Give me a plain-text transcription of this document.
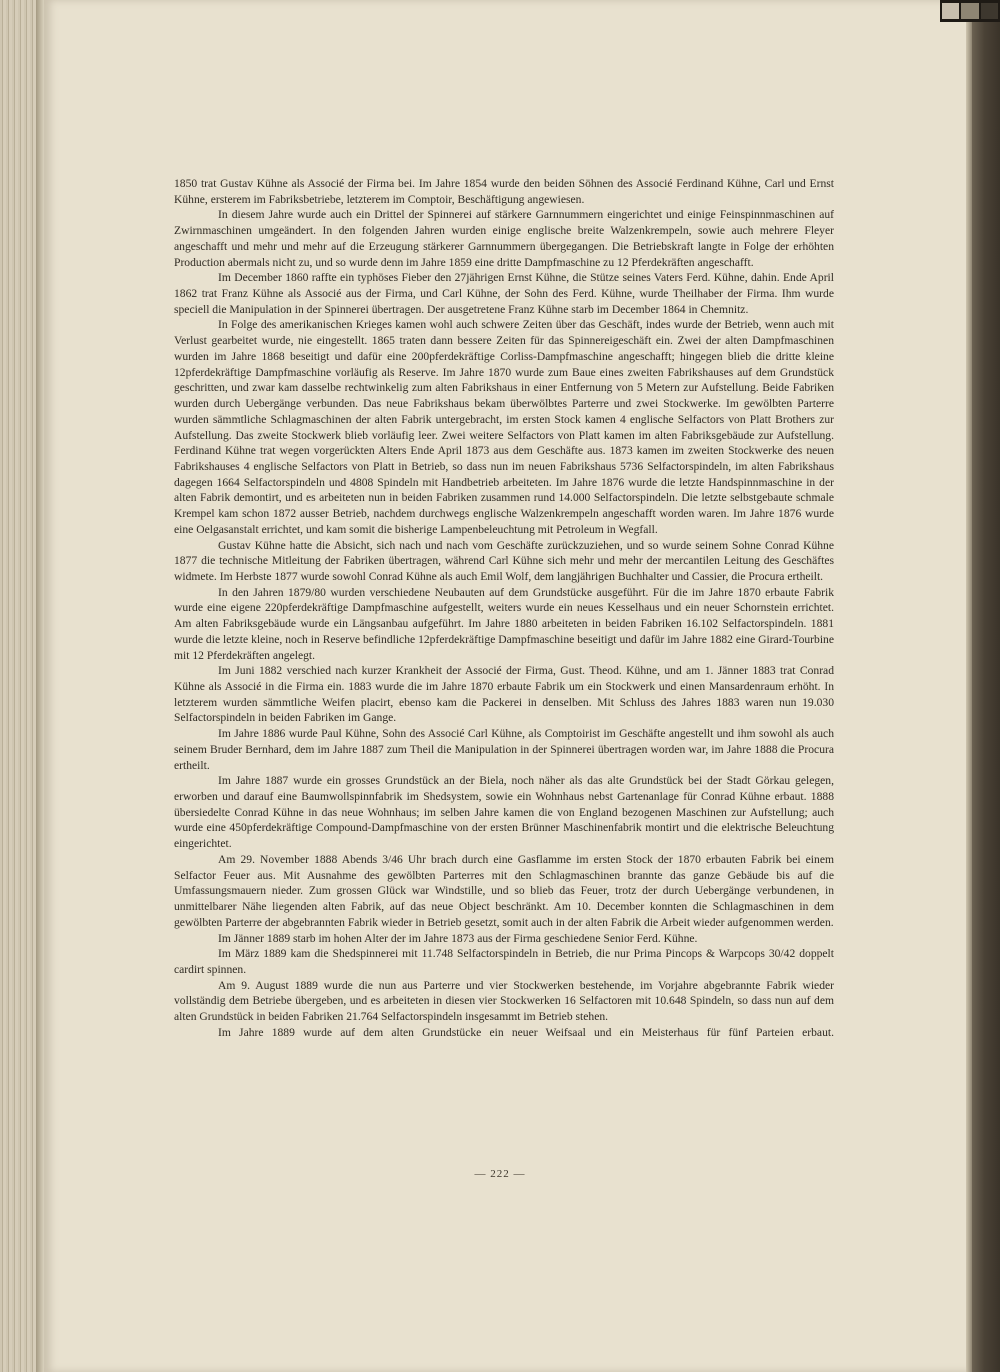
1850 trat Gustav Kühne als Associé der Firma bei. Im Jahre 1854 wurde den beiden Söhnen des Associé Ferdinand Kühne, Carl und Ernst Kühne, ersterem im Fabriksbetriebe, letzterem im Comptoir, Beschäftigung angewiesen.

In diesem Jahre wurde auch ein Drittel der Spinnerei auf stärkere Garnnummern eingerichtet und einige Feinspinnmaschinen auf Zwirnmaschinen umgeändert. In den folgenden Jahren wurden einige englische breite Walzenkrempeln, sowie auch mehrere Fleyer angeschafft und mehr und mehr auf die Erzeugung stärkerer Garnnummern übergegangen. Die Betriebskraft langte in Folge der erhöhten Production abermals nicht zu, und so wurde denn im Jahre 1859 eine dritte Dampfmaschine zu 12 Pferdekräften angeschafft.

Im December 1860 raffte ein typhöses Fieber den 27jährigen Ernst Kühne, die Stütze seines Vaters Ferd. Kühne, dahin. Ende April 1862 trat Franz Kühne als Associé aus der Firma, und Carl Kühne, der Sohn des Ferd. Kühne, wurde Theilhaber der Firma. Ihm wurde speciell die Manipulation in der Spinnerei übertragen. Der ausgetretene Franz Kühne starb im December 1864 in Chemnitz.

In Folge des amerikanischen Krieges kamen wohl auch schwere Zeiten über das Geschäft, indes wurde der Betrieb, wenn auch mit Verlust gearbeitet wurde, nie eingestellt. 1865 traten dann bessere Zeiten für das Spinnereigeschäft ein. Zwei der alten Dampfmaschinen wurden im Jahre 1868 beseitigt und dafür eine 200pferdekräftige Corliss-Dampfmaschine angeschafft; hingegen blieb die dritte kleine 12pferdekräftige Dampfmaschine vorläufig als Reserve. Im Jahre 1870 wurde zum Baue eines zweiten Fabrikshauses auf dem Grundstück geschritten, und zwar kam dasselbe rechtwinkelig zum alten Fabrikshaus in einer Entfernung von 5 Metern zur Aufstellung. Beide Fabriken wurden durch Uebergänge verbunden. Das neue Fabrikshaus bekam überwölbtes Parterre und zwei Stockwerke. Im gewölbten Parterre wurden sämmtliche Schlagmaschinen der alten Fabrik untergebracht, im ersten Stock kamen 4 englische Selfactors von Platt Brothers zur Aufstellung. Das zweite Stockwerk blieb vorläufig leer. Zwei weitere Selfactors von Platt kamen im alten Fabriksgebäude zur Aufstellung. Ferdinand Kühne trat wegen vorgerückten Alters Ende April 1873 aus dem Geschäfte aus. 1873 kamen im zweiten Stockwerke des neuen Fabrikshauses 4 englische Selfactors von Platt in Betrieb, so dass nun im neuen Fabrikshaus 5736 Selfactorspindeln, im alten Fabrikshaus dagegen 1664 Selfactorspindeln und 4808 Spindeln mit Handbetrieb arbeiteten. Im Jahre 1876 wurde die letzte Handspinnmaschine in der alten Fabrik demontirt, und es arbeiteten nun in beiden Fabriken zusammen rund 14.000 Selfactorspindeln. Die letzte selbstgebaute schmale Krempel kam schon 1872 ausser Betrieb, nachdem durchwegs englische Walzenkrempeln angeschafft worden waren. Im Jahre 1876 wurde eine Oelgasanstalt errichtet, und kam somit die bisherige Lampenbeleuchtung mit Petroleum in Wegfall.

Gustav Kühne hatte die Absicht, sich nach und nach vom Geschäfte zurückzuziehen, und so wurde seinem Sohne Conrad Kühne 1877 die technische Mitleitung der Fabriken übertragen, während Carl Kühne sich mehr und mehr der mercantilen Leitung des Geschäftes widmete. Im Herbste 1877 wurde sowohl Conrad Kühne als auch Emil Wolf, dem langjährigen Buchhalter und Cassier, die Procura ertheilt.

In den Jahren 1879/80 wurden verschiedene Neubauten auf dem Grundstücke ausgeführt. Für die im Jahre 1870 erbaute Fabrik wurde eine eigene 220pferdekräftige Dampfmaschine aufgestellt, weiters wurde ein neues Kesselhaus und ein neuer Schornstein errichtet. Am alten Fabriksgebäude wurde ein Längsanbau aufgeführt. Im Jahre 1880 arbeiteten in beiden Fabriken 16.102 Selfactorspindeln. 1881 wurde die letzte kleine, noch in Reserve befindliche 12pferdekräftige Dampfmaschine beseitigt und dafür im Jahre 1882 eine Girard-Tourbine mit 12 Pferdekräften angelegt.

Im Juni 1882 verschied nach kurzer Krankheit der Associé der Firma, Gust. Theod. Kühne, und am 1. Jänner 1883 trat Conrad Kühne als Associé in die Firma ein. 1883 wurde die im Jahre 1870 erbaute Fabrik um ein Stockwerk und einen Mansardenraum erhöht. In letzterem wurden sämmtliche Weifen placirt, ebenso kam die Packerei in denselben. Mit Schluss des Jahres 1883 waren nun 19.030 Selfactorspindeln in beiden Fabriken im Gange.

Im Jahre 1886 wurde Paul Kühne, Sohn des Associé Carl Kühne, als Comptoirist im Geschäfte angestellt und ihm sowohl als auch seinem Bruder Bernhard, dem im Jahre 1887 zum Theil die Manipulation in der Spinnerei übertragen worden war, im Jahre 1888 die Procura ertheilt.

Im Jahre 1887 wurde ein grosses Grundstück an der Biela, noch näher als das alte Grundstück bei der Stadt Görkau gelegen, erworben und darauf eine Baumwollspinnfabrik im Shedsystem, sowie ein Wohnhaus nebst Gartenanlage für Conrad Kühne erbaut. 1888 übersiedelte Conrad Kühne in das neue Wohnhaus; im selben Jahre kamen die von England bezogenen Maschinen zur Aufstellung; auch wurde eine 450pferdekräftige Compound-Dampfmaschine von der ersten Brünner Maschinenfabrik montirt und die elektrische Beleuchtung eingerichtet.

Am 29. November 1888 Abends 3/46 Uhr brach durch eine Gasflamme im ersten Stock der 1870 erbauten Fabrik bei einem Selfactor Feuer aus. Mit Ausnahme des gewölbten Parterres mit den Schlagmaschinen brannte das ganze Gebäude bis auf die Umfassungsmauern nieder. Zum grossen Glück war Windstille, und so blieb das Feuer, trotz der durch Uebergänge verbundenen, in unmittelbarer Nähe liegenden alten Fabrik, auf das neue Object beschränkt. Am 10. December konnten die Schlagmaschinen in dem gewölbten Parterre der abgebrannten Fabrik wieder in Betrieb gesetzt, somit auch in der alten Fabrik die Arbeit wieder aufgenommen werden.

Im Jänner 1889 starb im hohen Alter der im Jahre 1873 aus der Firma geschiedene Senior Ferd. Kühne.

Im März 1889 kam die Shedspinnerei mit 11.748 Selfactorspindeln in Betrieb, die nur Prima Pincops & Warpcops 30/42 doppelt cardirt spinnen.

Am 9. August 1889 wurde die nun aus Parterre und vier Stockwerken bestehende, im Vorjahre abgebrannte Fabrik wieder vollständig dem Betriebe übergeben, und es arbeiteten in diesen vier Stockwerken 16 Selfactoren mit 10.648 Spindeln, so dass nun auf dem alten Grundstück in beiden Fabriken 21.764 Selfactorspindeln insgesammt im Betrieb stehen.

Im Jahre 1889 wurde auf dem alten Grundstücke ein neuer Weifsaal und ein Meisterhaus für fünf Parteien erbaut.

— 222 —
